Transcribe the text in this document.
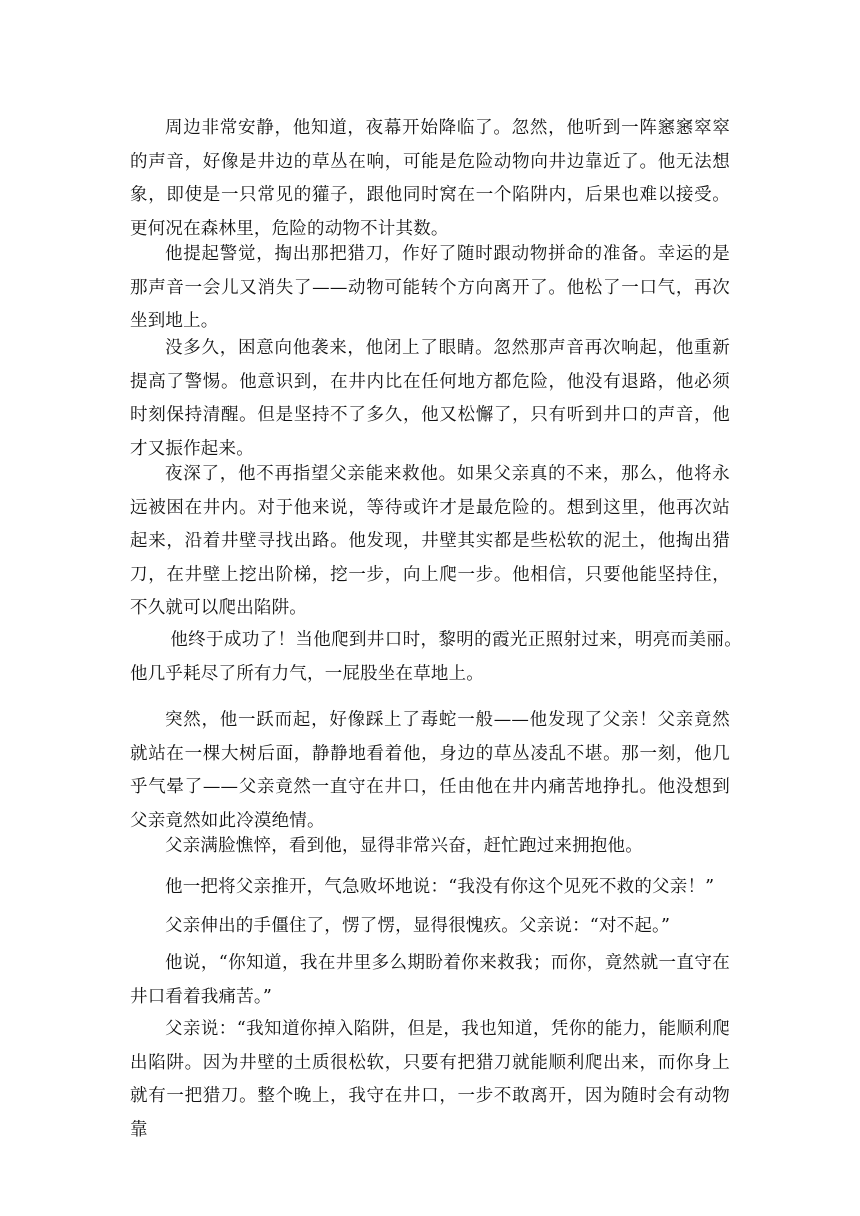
周边非常安静，他知道，夜幕开始降临了。忽然，他听到一阵窸窸窣窣的声音，好像是井边的草丛在响，可能是危险动物向井边靠近了。他无法想象，即使是一只常见的獾子，跟他同时窝在一个陷阱内，后果也难以接受。更何况在森林里，危险的动物不计其数。

他提起警觉，掏出那把猎刀，作好了随时跟动物拼命的准备。幸运的是那声音一会儿又消失了——动物可能转个方向离开了。他松了一口气，再次坐到地上。

没多久，困意向他袭来，他闭上了眼睛。忽然那声音再次响起，他重新提高了警惕。他意识到，在井内比在任何地方都危险，他没有退路，他必须时刻保持清醒。但是坚持不了多久，他又松懈了，只有听到井口的声音，他才又振作起来。

夜深了，他不再指望父亲能来救他。如果父亲真的不来，那么，他将永远被困在井内。对于他来说，等待或许才是最危险的。想到这里，他再次站起来，沿着井壁寻找出路。他发现，井壁其实都是些松软的泥土，他掏出猎刀，在井壁上挖出阶梯，挖一步，向上爬一步。他相信，只要他能坚持住，不久就可以爬出陷阱。

他终于成功了！当他爬到井口时，黎明的霞光正照射过来，明亮而美丽。他几乎耗尽了所有力气，一屁股坐在草地上。

突然，他一跃而起，好像踩上了毒蛇一般——他发现了父亲！父亲竟然就站在一棵大树后面，静静地看着他，身边的草丛凌乱不堪。那一刻，他几乎气晕了——父亲竟然一直守在井口，任由他在井内痛苦地挣扎。他没想到父亲竟然如此冷漠绝情。

父亲满脸憔悴，看到他，显得非常兴奋，赶忙跑过来拥抱他。

他一把将父亲推开，气急败坏地说：“我没有你这个见死不救的父亲！”

父亲伸出的手僵住了，愣了愣，显得很愧疚。父亲说：“对不起。”

他说，“你知道，我在井里多么期盼着你来救我；而你，竟然就一直守在井口看着我痛苦。”

父亲说：“我知道你掉入陷阱，但是，我也知道，凭你的能力，能顺利爬出陷阱。因为井壁的土质很松软，只要有把猎刀就能顺利爬出来，而你身上就有一把猎刀。整个晚上，我守在井口，一步不敢离开，因为随时会有动物靠
